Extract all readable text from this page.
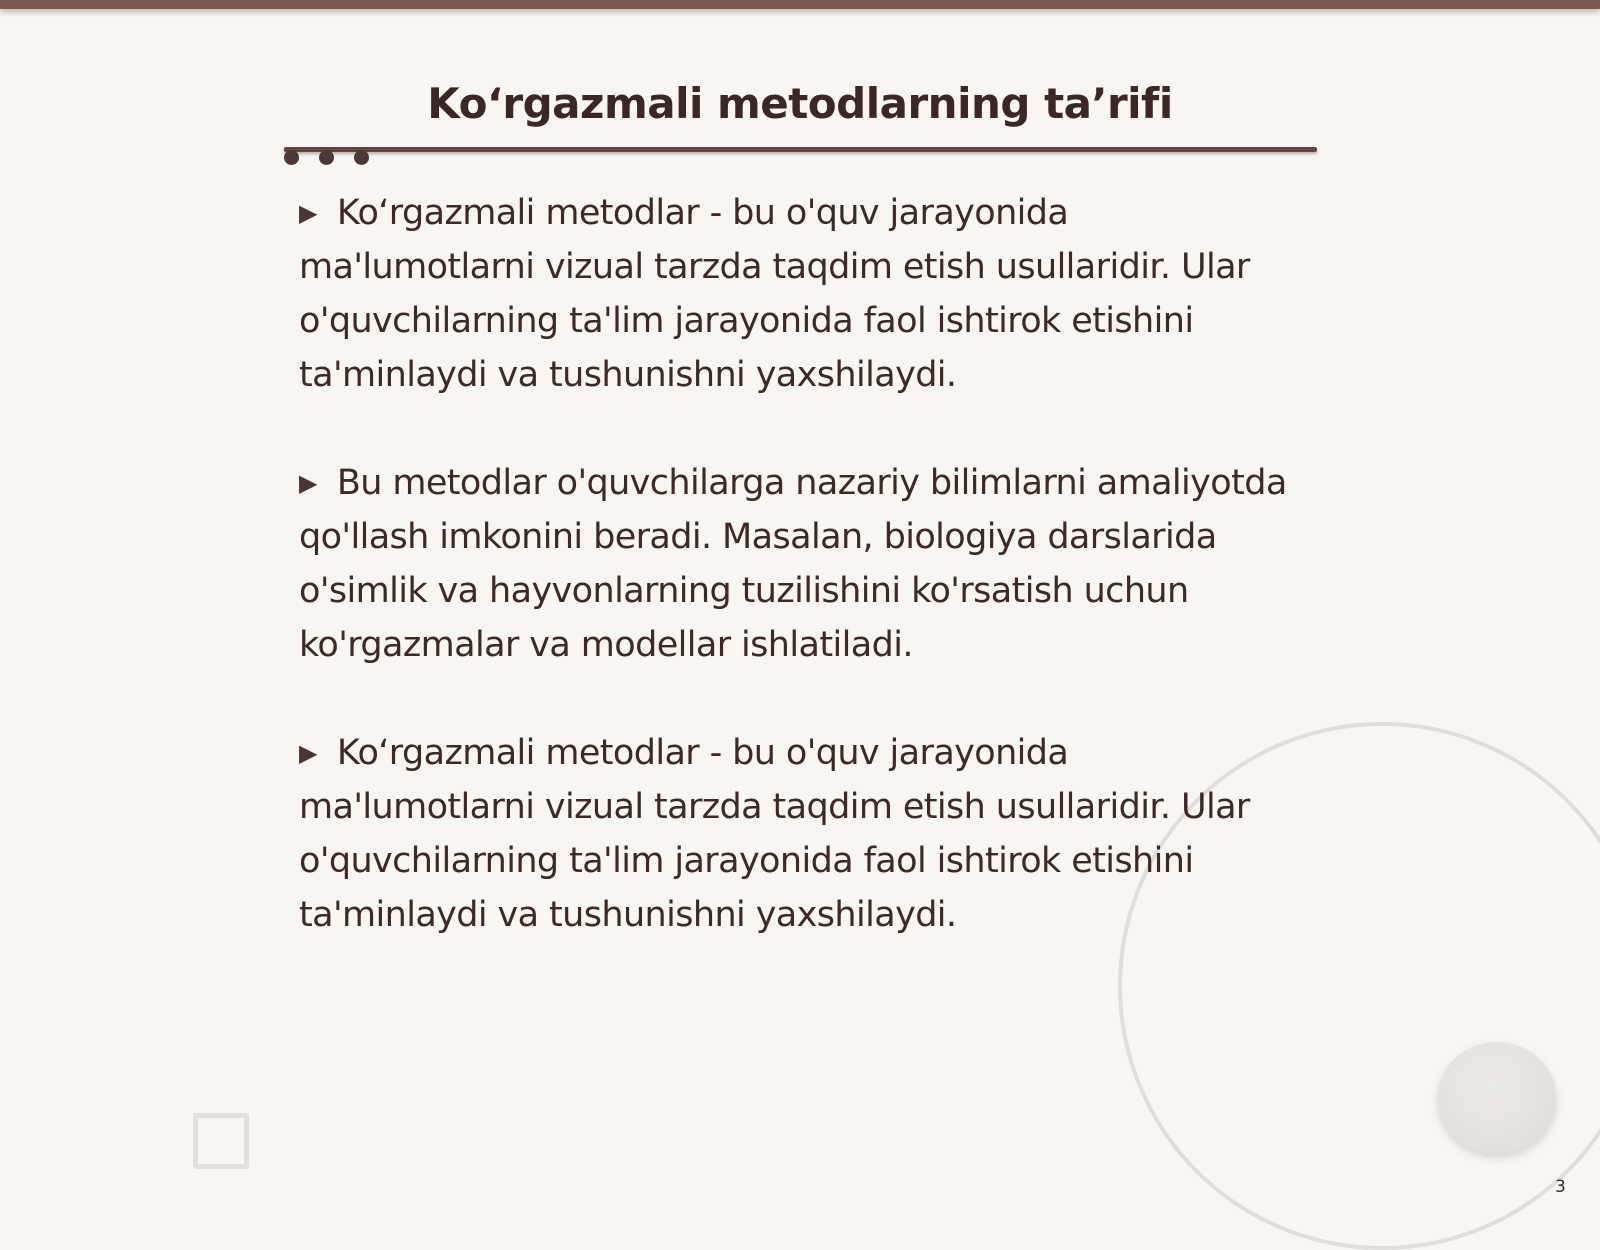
Koʻrgazmali metodlarning ta’rifi

▶ Koʻrgazmali metodlar - bu o'quv jarayonida ma'lumotlarni vizual tarzda taqdim etish usullaridir. Ular o'quvchilarning ta'lim jarayonida faol ishtirok etishini ta'minlaydi va tushunishni yaxshilaydi.

▶ Bu metodlar o'quvchilarga nazariy bilimlarni amaliyotda qo'llash imkonini beradi. Masalan, biologiya darslarida o'simlik va hayvonlarning tuzilishini ko'rsatish uchun ko'rgazmalar va modellar ishlatiladi.

▶ Koʻrgazmali metodlar - bu o'quv jarayonida ma'lumotlarni vizual tarzda taqdim etish usullaridir. Ular o'quvchilarning ta'lim jarayonida faol ishtirok etishini ta'minlaydi va tushunishni yaxshilaydi.

3
